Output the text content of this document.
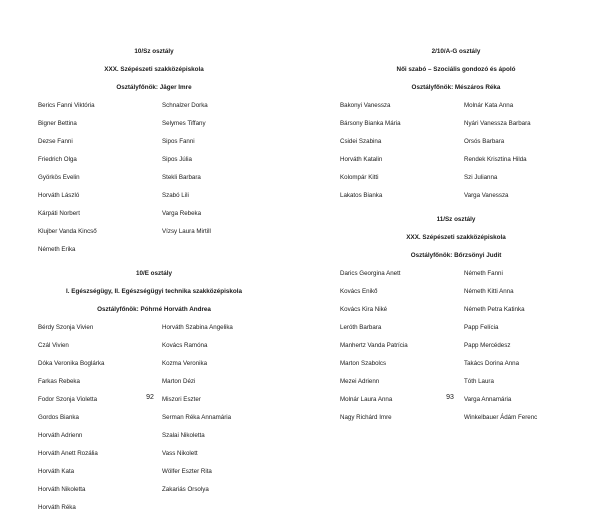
10/Sz osztály
XXX. Szépészeti szakközépiskola
Osztályfőnök: Jäger Imre
Berics Fanni Viktória	Schnalzer Dorka
Bigner Bettina	Selymes Tiffany
Dezse Fanni	Sipos Fanni
Friedrich Olga	Sipos Júlia
Györkös Evelin	Stekli Barbara
Horváth László	Szabó Lili
Kárpáti Norbert	Varga Rebeka
Klujber Vanda Kincső	Vízsy Laura Mirtill
Németh Erika
10/E osztály
I. Egészségügy, II. Egészségügyi technika szakközépiskola
Osztályfőnök: Póhrné Horváth Andrea
Bérdy Szonja Vivien	Horváth Szabina Angelika
Czál Vivien	Kovács Ramóna
Dóka Veronika Boglárka	Kozma Veronika
Farkas Rebeka	Marton Dézi
Fodor Szonja Violetta	Miszori Eszter
Gordos Bianka	Serman Réka Annamária
Horváth Adrienn	Szalai Nikoletta
Horváth Anett Rozália	Vass Nikolett
Horváth Kata	Wölfer Eszter Rita
Horváth Nikoletta	Zakariás Orsolya
Horváth Réka
92
2/10/A-G osztály
Női szabó – Szociális gondozó és ápoló
Osztályfőnök: Mészáros Réka
Bakonyi Vanessza	Molnár Kata Anna
Bársony Bianka Mária	Nyári Vanessza Barbara
Csidei Szabina	Orsós Barbara
Horváth Katalin	Rendek Krisztina Hilda
Kolompár Kitti	Szi Julianna
Lakatos Bianka	Varga Vanessza
11/Sz osztály
XXX. Szépészeti szakközépiskola
Osztályfőnök: Bőrzsönyi Judit
Darics Georgina Anett	Németh Fanni
Kovács Enikő	Németh Kitti Anna
Kovács Kira Niké	Németh Petra Katinka
Leróth Barbara	Papp Felícia
Manhertz Vanda Patrícia	Papp Mercédesz
Marton Szabolcs	Takács Dorina Anna
Mezei Adrienn	Tóth Laura
Molnár Laura Anna	Varga Annamária
Nagy Richárd Imre	Winkelbauer Ádám Ferenc
93
